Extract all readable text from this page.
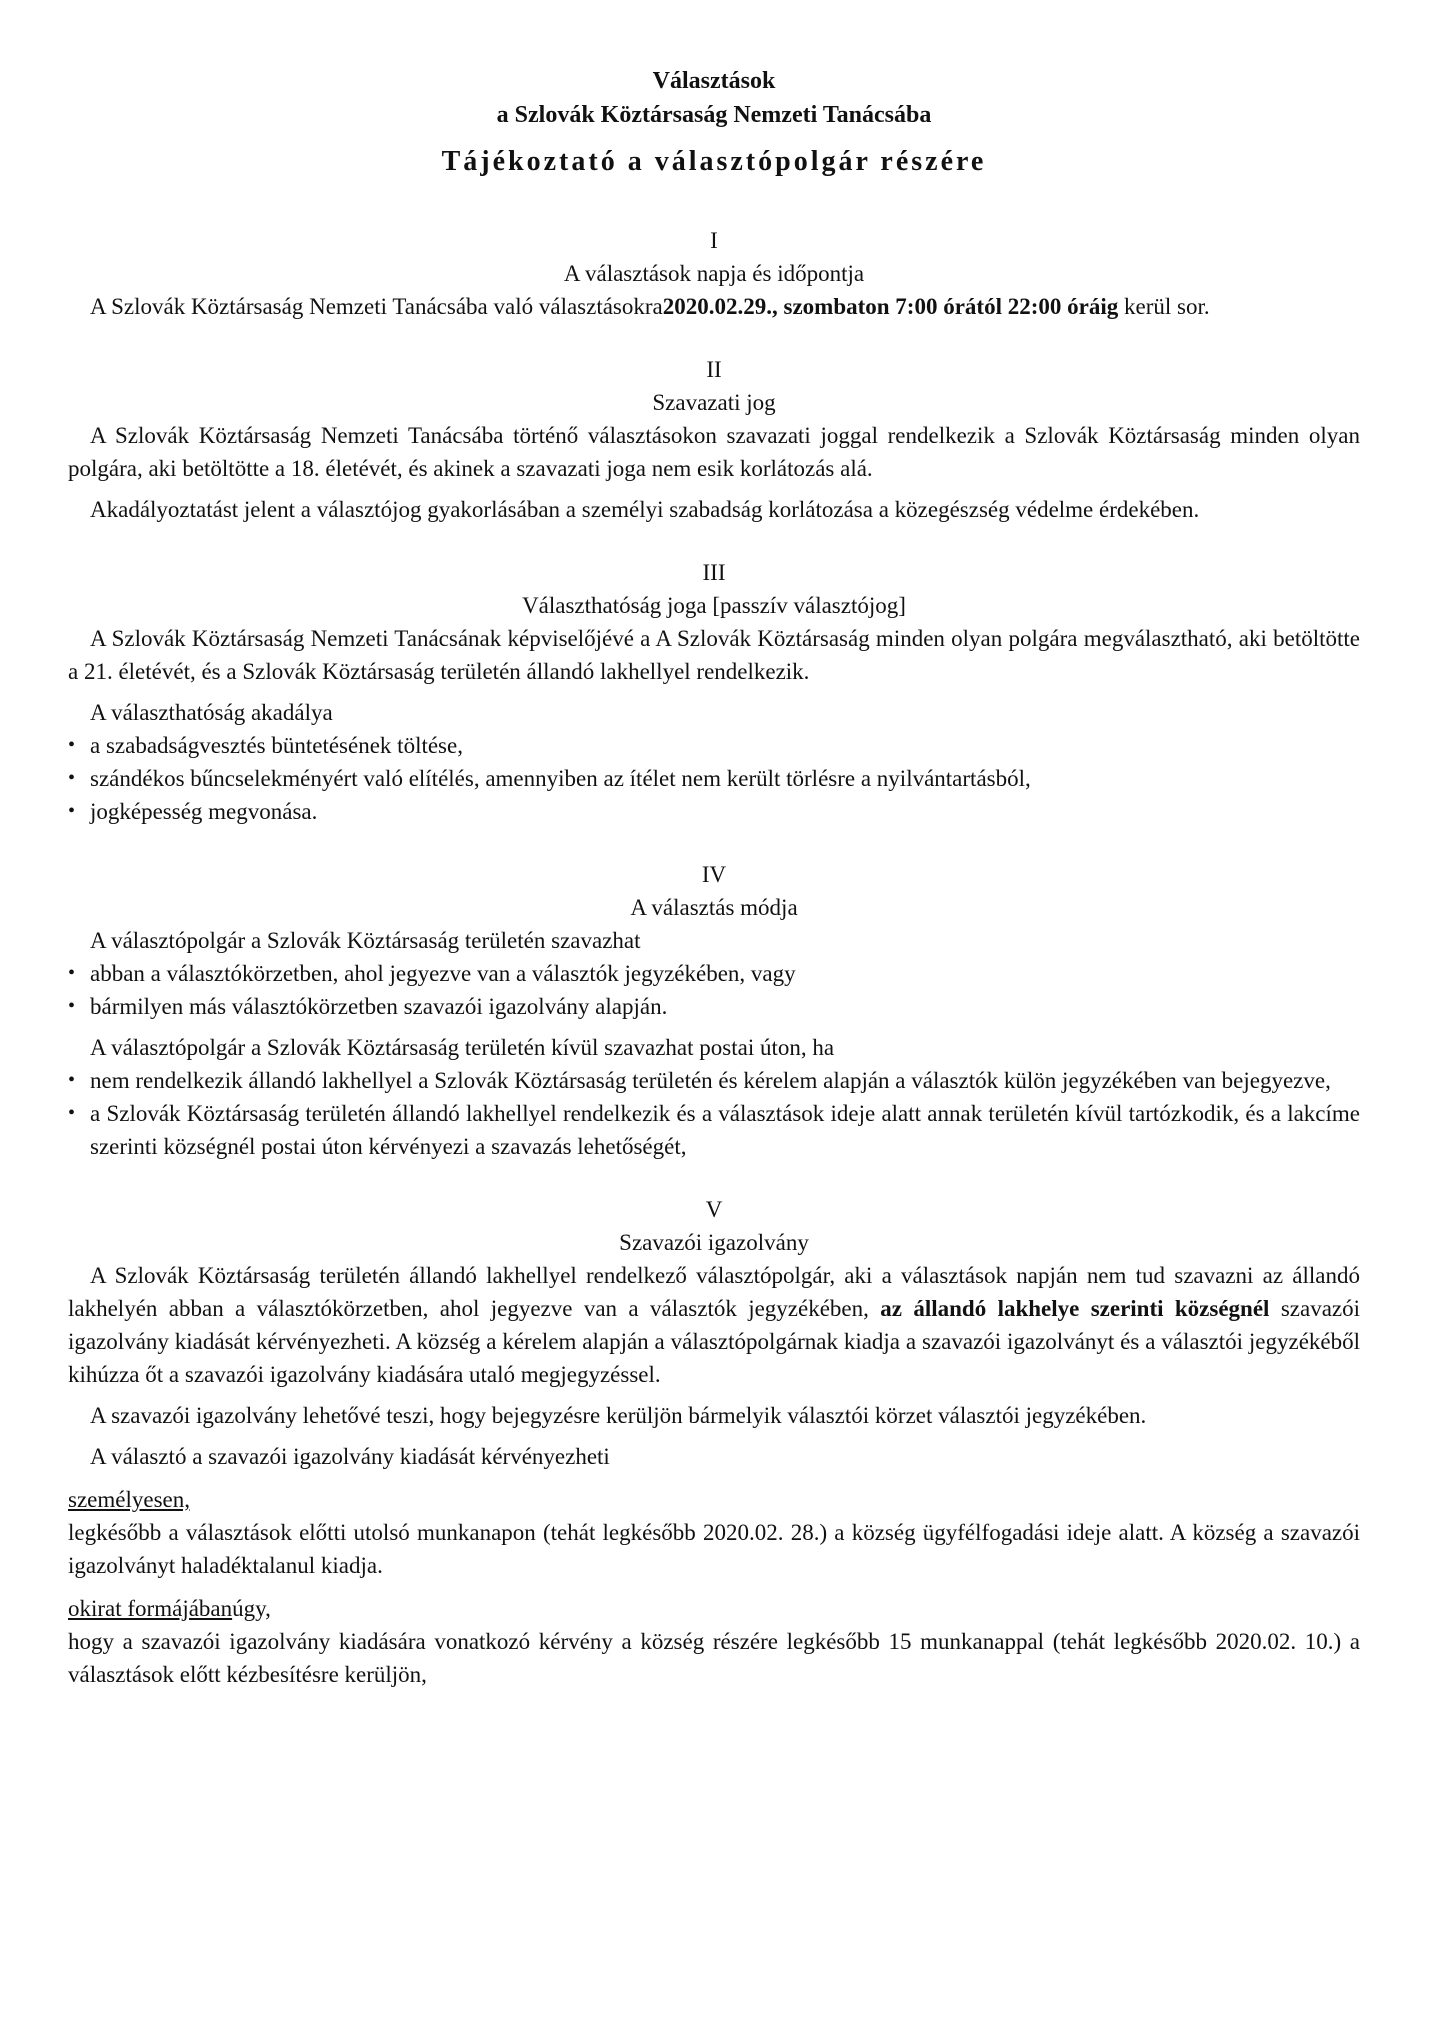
Választások
a Szlovák Köztársaság Nemzeti Tanácsába
Tájékoztató a választópolgár részére
I
A választások napja és időpontja

A Szlovák Köztársaság Nemzeti Tanácsába való választásokra2020.02.29., szombaton 7:00 órától 22:00 óráig kerül sor.

II
Szavazati jog

A Szlovák Köztársaság Nemzeti Tanácsába történő választásokon szavazati joggal rendelkezik a Szlovák Köztársaság minden olyan polgára, aki betöltötte a 18. életévét, és akinek a szavazati joga nem esik korlátozás alá.

Akadályoztatást jelent a választójog gyakorlásában a személyi szabadság korlátozása a közegészség védelme érdekében.

III
Választhatóság joga [passzív választójog]

A Szlovák Köztársaság Nemzeti Tanácsának képviselőjévé a A Szlovák Köztársaság minden olyan polgára megválasztható, aki betöltötte a 21. életévét, és a Szlovák Köztársaság területén állandó lakhellyel rendelkezik.

A választhatóság akadálya

• a szabadságvesztés büntetésének töltése,
• szándékos bűncselekményért való elítélés, amennyiben az ítélet nem került törlésre a nyilvántartásból,
• jogképesség megvonása.
IV
A választás módja

A választópolgár a Szlovák Köztársaság területén szavazhat

• abban a választókörzetben, ahol jegyezve van a választók jegyzékében, vagy
• bármilyen más választókörzetben szavazói igazolvány alapján.

A választópolgár a Szlovák Köztársaság területén kívül szavazhat postai úton, ha

• nem rendelkezik állandó lakhellyel a Szlovák Köztársaság területén és kérelem alapján a választók külön jegyzékében van bejegyezve,
• a Szlovák Köztársaság területén állandó lakhellyel rendelkezik és a választások ideje alatt annak területén kívül tartózkodik, és a lakcíme szerinti községnél postai úton kérvényezi a szavazás lehetőségét,
V
Szavazói igazolvány

A Szlovák Köztársaság területén állandó lakhellyel rendelkező választópolgár, aki a választások napján nem tud szavazni az állandó lakhelyén abban a választókörzetben, ahol jegyezve van a választók jegyzékében, az állandó lakhelye szerinti községnél szavazói igazolvány kiadását kérvényezheti. A község a kérelem alapján a választópolgárnak kiadja a szavazói igazolványt és a választói jegyzékéből kihúzza őt a szavazói igazolvány kiadására utaló megjegyzéssel.

A szavazói igazolvány lehetővé teszi, hogy bejegyzésre kerüljön bármelyik választói körzet választói jegyzékében.

A választó a szavazói igazolvány kiadását kérvényezheti

személyesen,

legkésőbb a választások előtti utolsó munkanapon (tehát legkésőbb 2020.02. 28.) a község ügyfélfogadási ideje alatt. A község a szavazói igazolványt haladéktalanul kiadja.

okirat formájábanúgy,

hogy a szavazói igazolvány kiadására vonatkozó kérvény a község részére legkésőbb 15 munkanappal (tehát legkésőbb 2020.02. 10.) a választások előtt kézbesítésre kerüljön,
